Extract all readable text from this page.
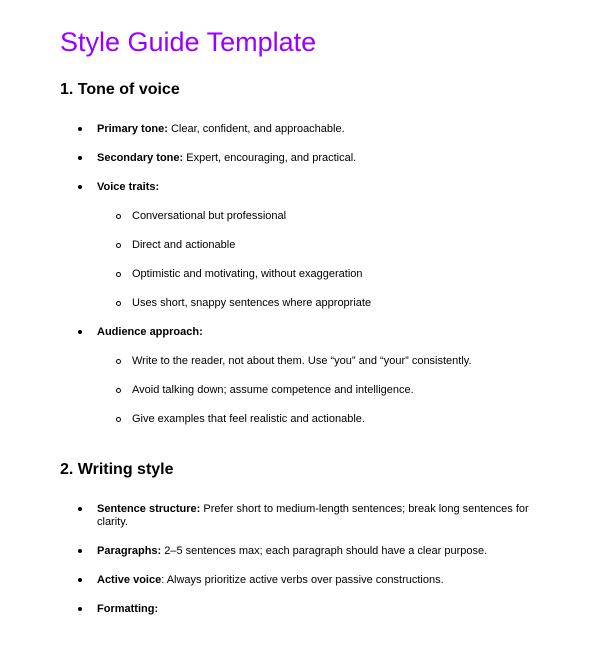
Style Guide Template
1. Tone of voice
Primary tone: Clear, confident, and approachable.
Secondary tone: Expert, encouraging, and practical.
Voice traits:
Conversational but professional
Direct and actionable
Optimistic and motivating, without exaggeration
Uses short, snappy sentences where appropriate
Audience approach:
Write to the reader, not about them. Use “you” and “your” consistently.
Avoid talking down; assume competence and intelligence.
Give examples that feel realistic and actionable.
2. Writing style
Sentence structure: Prefer short to medium-length sentences; break long sentences for clarity.
Paragraphs: 2–5 sentences max; each paragraph should have a clear purpose.
Active voice: Always prioritize active verbs over passive constructions.
Formatting:
